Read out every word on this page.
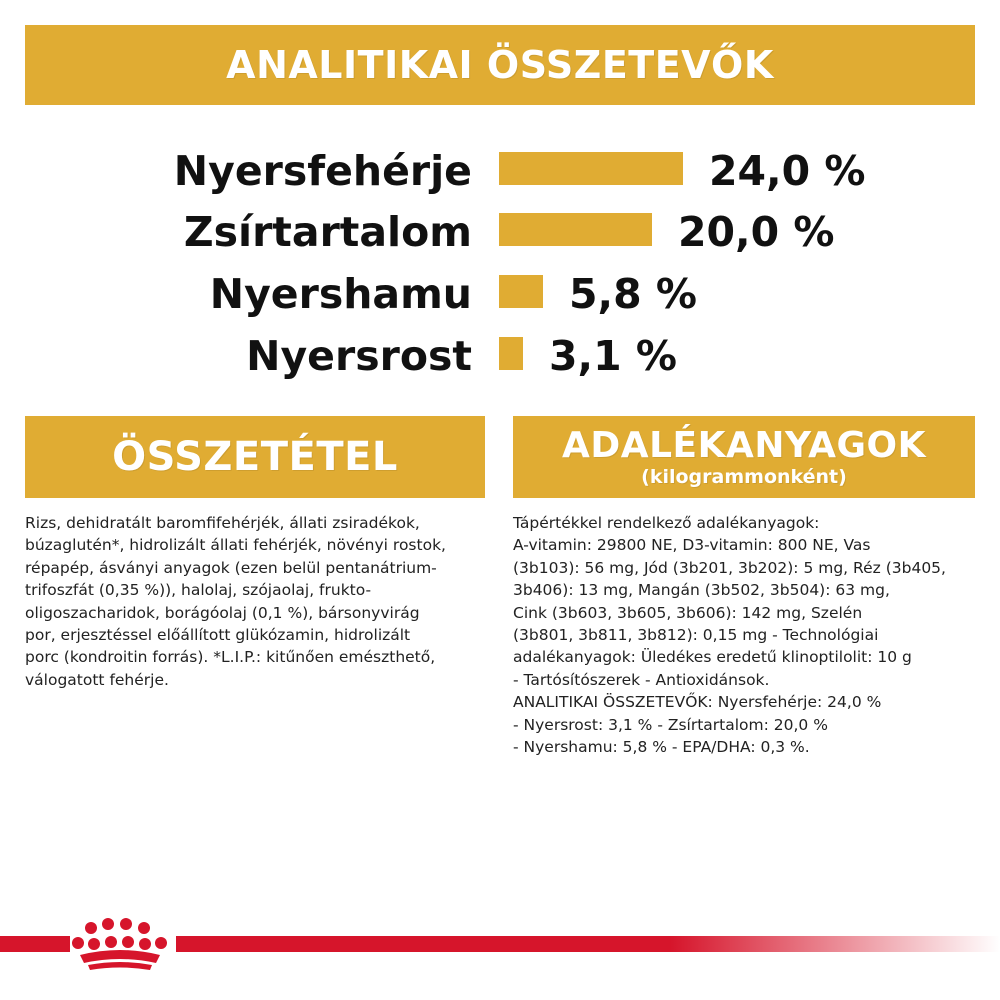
ANALITIKAI ÖSSZETEVŐK
Nyersfehérje	24,0 %
Zsírtartalom	20,0 %
Nyershamu 5,8 %
Nyersrost 3,1 %
ÖSSZETÉTEL
Rizs, dehidratált baromfifehérjék, állati zsiradékok,
búzaglutén*, hidrolizált állati fehérjék, növényi rostok,
répapép, ásványi anyagok (ezen belül pentanátrium-
trifoszfát (0,35 %)), halolaj, szójaolaj, frukto-
oligoszacharidok, borágóolaj (0,1 %), bársonyvirág
por, erjesztéssel előállított glükózamin, hidrolizált
porc (kondroitin forrás). *L.I.P.: kitűnően emészthető,
válogatott fehérje.
ADALÉKANYAGOK
(kilogrammonként)
Tápértékkel rendelkező adalékanyagok:
A-vitamin: 29800 NE, D3-vitamin: 800 NE, Vas
(3b103): 56 mg, Jód (3b201, 3b202): 5 mg, Réz (3b405,
3b406): 13 mg, Mangán (3b502, 3b504): 63 mg,
Cink (3b603, 3b605, 3b606): 142 mg, Szelén
(3b801, 3b811, 3b812): 0,15 mg - Technológiai
adalékanyagok: Üledékes eredetű klinoptilolit: 10 g
- Tartósítószerek - Antioxidánsok.
ANALITIKAI ÖSSZETEVŐK: Nyersfehérje: 24,0 %
- Nyersrost: 3,1 % - Zsírtartalom: 20,0 %
- Nyershamu: 5,8 % - EPA/DHA: 0,3 %.
